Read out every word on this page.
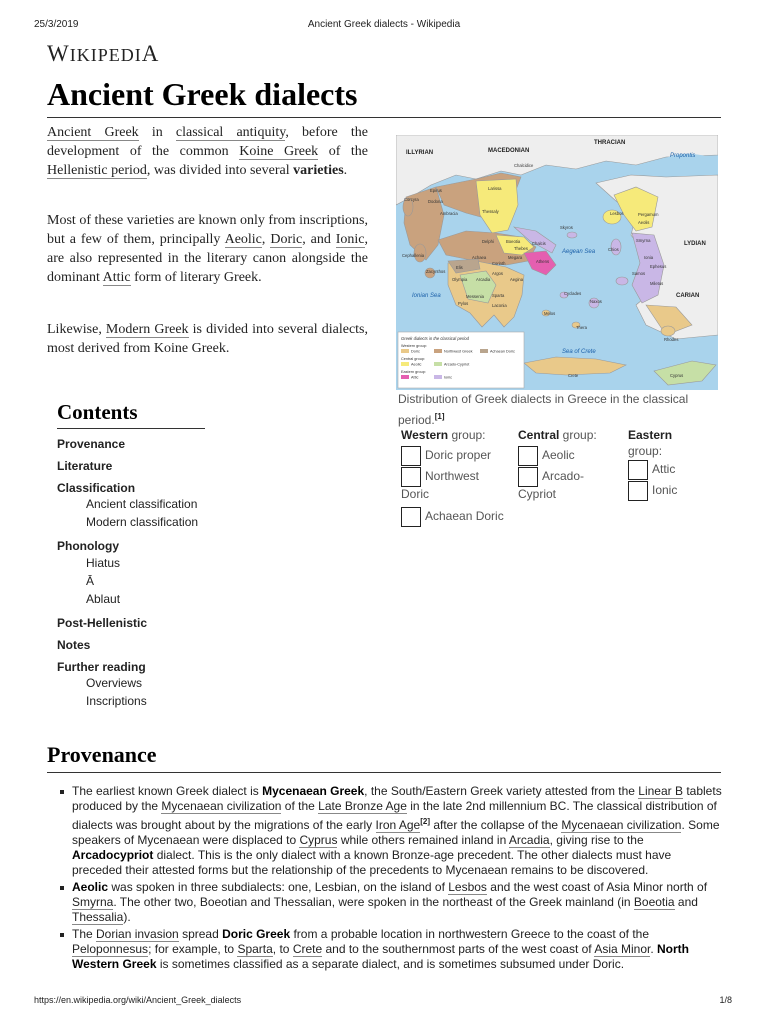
25/3/2019	Ancient Greek dialects - Wikipedia
WIKIPEDIA
Ancient Greek dialects

Ancient Greek in classical antiquity, before the development of the common Koine Greek of the Hellenistic period, was divided into several varieties.

Most of these varieties are known only from inscriptions, but a few of them, principally Aeolic, Doric, and Ionic, are also represented in the literary canon alongside the dominant Attic form of literary Greek.

Likewise, Modern Greek is divided into several dialects, most derived from Koine Greek.

ILLYRIAN	MACEDONIAN
THRACIAN
LYDIAN
CARIAN
Propontis
Aegean Sea
Ionian Sea
Sea of Crete
Chalcidice
Epirus
Corcyra Dodona
Larissa
Thessaly
Ambracia	Lesbos	Pergamum
Aeolis
Skyros
Delphi	Boeotia
Thebes
Chalcis
Smyrna
Chios
Ionia
Cephallenia	Achaea	Megara
Athens
Samos
Ephesus
Zacynthos
Elis
Corinth
Argos
Olympia Arcadia	Aegina
Miletus
Pylos
Messenia Sparta
Laconia
Cyclades
Naxos
Melos
Thera
Rhodes
Crete	Cyprus
Greek dialects in the classical period
Western group:
Doric	Northwest Greek	Achaean Doric
Central group:
Aeolic	Arcado-Cypriot
Eastern group:
Attic	Ionic

Distribution of Greek dialects in Greece in the classical period.[1]

Western group:
Doric proper
Northwest
Doric
Achaean Doric
Central group:
Aeolic
Arcado-
Cypriot
Eastern
group:
Attic
Ionic
Contents
Provenance
Literature
Classification
Ancient classification
Modern classification
Phonology
Hiatus
Ā
Ablaut
Post-Hellenistic
Notes
Further reading
Overviews
Inscriptions
Provenance
The earliest known Greek dialect is Mycenaean Greek, the South/Eastern Greek variety attested from the Linear B tablets produced by the Mycenaean civilization of the Late Bronze Age in the late 2nd millennium BC. The classical distribution of dialects was brought about by the migrations of the early Iron Age[2] after the collapse of the Mycenaean civilization. Some speakers of Mycenaean were displaced to Cyprus while others remained inland in Arcadia, giving rise to the Arcadocypriot dialect. This is the only dialect with a known Bronze-age precedent. The other dialects must have preceded their attested forms but the relationship of the precedents to Mycenaean remains to be discovered.
Aeolic was spoken in three subdialects: one, Lesbian, on the island of Lesbos and the west coast of Asia Minor north of Smyrna. The other two, Boeotian and Thessalian, were spoken in the northeast of the Greek mainland (in Boeotia and Thessalia).
The Dorian invasion spread Doric Greek from a probable location in northwestern Greece to the coast of the Peloponnesus; for example, to Sparta, to Crete and to the southernmost parts of the west coast of Asia Minor. North Western Greek is sometimes classified as a separate dialect, and is sometimes subsumed under Doric.
https://en.wikipedia.org/wiki/Ancient_Greek_dialects	1/8
